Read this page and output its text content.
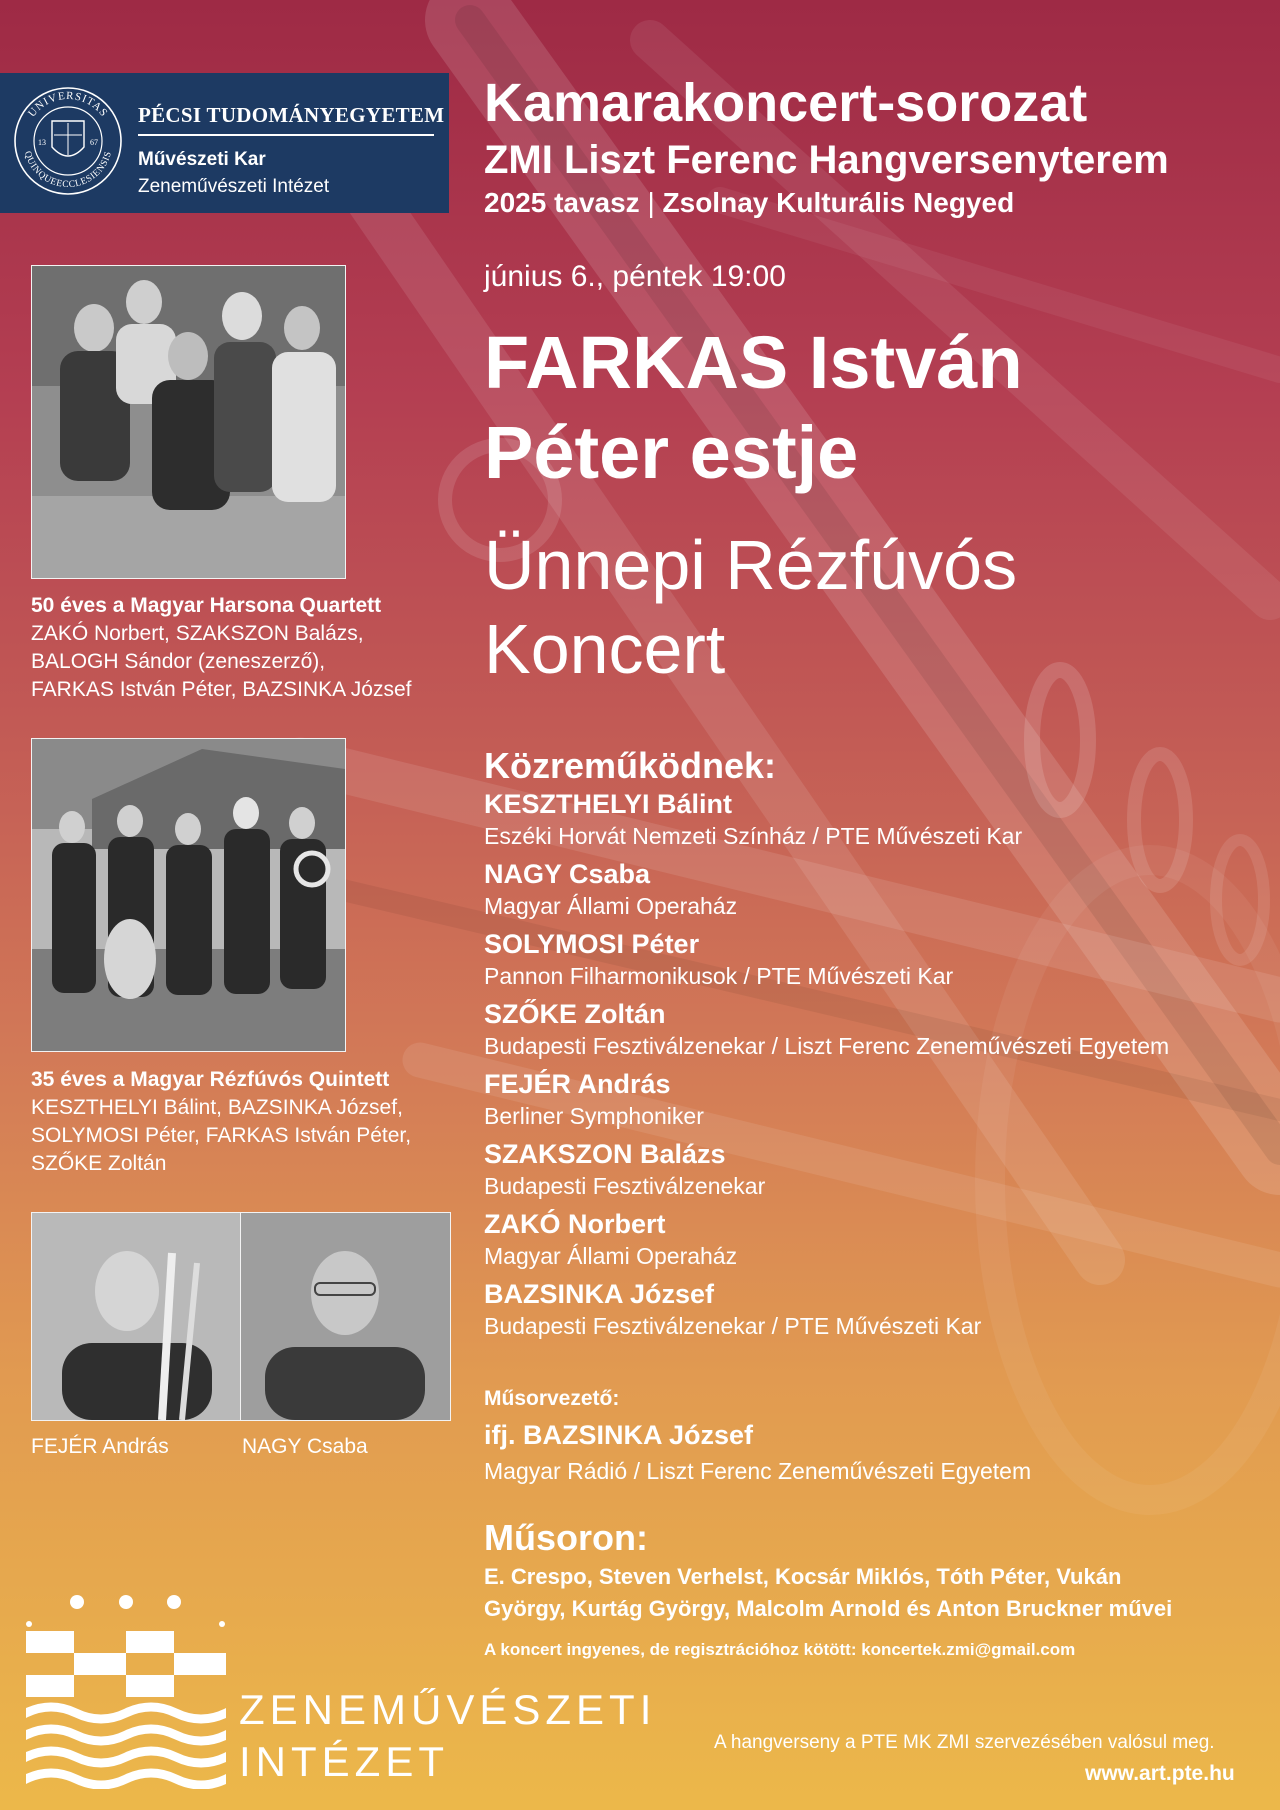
UNIVERSITAS
QUINQUEECCLESIENSIS
13	67
PÉCSI TUDOMÁNYEGYETEM
Művészeti Kar
Zeneművészeti Intézet
Kamarakoncert-sorozat
ZMI Liszt Ferenc Hangversenyterem
2025 tavasz | Zsolnay Kulturális Negyed
június 6., péntek 19:00
FARKAS István
Péter estje
Ünnepi Rézfúvós
Koncert
Közreműködnek:
KESZTHELYI Bálint
Eszéki Horvát Nemzeti Színház / PTE Művészeti Kar
NAGY Csaba
Magyar Állami Operaház
SOLYMOSI Péter
Pannon Filharmonikusok / PTE Művészeti Kar
SZŐKE Zoltán
Budapesti Fesztiválzenekar / Liszt Ferenc Zeneművészeti Egyetem
FEJÉR András
Berliner Symphoniker
SZAKSZON Balázs
Budapesti Fesztiválzenekar
ZAKÓ Norbert
Magyar Állami Operaház
BAZSINKA József
Budapesti Fesztiválzenekar / PTE Művészeti Kar
Műsorvezető:
ifj. BAZSINKA József
Magyar Rádió / Liszt Ferenc Zeneművészeti Egyetem
Műsoron:
E. Crespo, Steven Verhelst, Kocsár Miklós, Tóth Péter, Vukán
György, Kurtág György, Malcolm Arnold és Anton Bruckner művei
A koncert ingyenes, de regisztrációhoz kötött: koncertek.zmi@gmail.com
A hangverseny a PTE MK ZMI szervezésében valósul meg.
www.art.pte.hu
50 éves a Magyar Harsona Quartett
ZAKÓ Norbert, SZAKSZON Balázs,
BALOGH Sándor (zeneszerző),
FARKAS István Péter, BAZSINKA József
35 éves a Magyar Rézfúvós Quintett
KESZTHELYI Bálint, BAZSINKA József,
SOLYMOSI Péter, FARKAS István Péter,
SZŐKE Zoltán
FEJÉR András	NAGY Csaba
ZENEMŰVÉSZETI
INTÉZET
